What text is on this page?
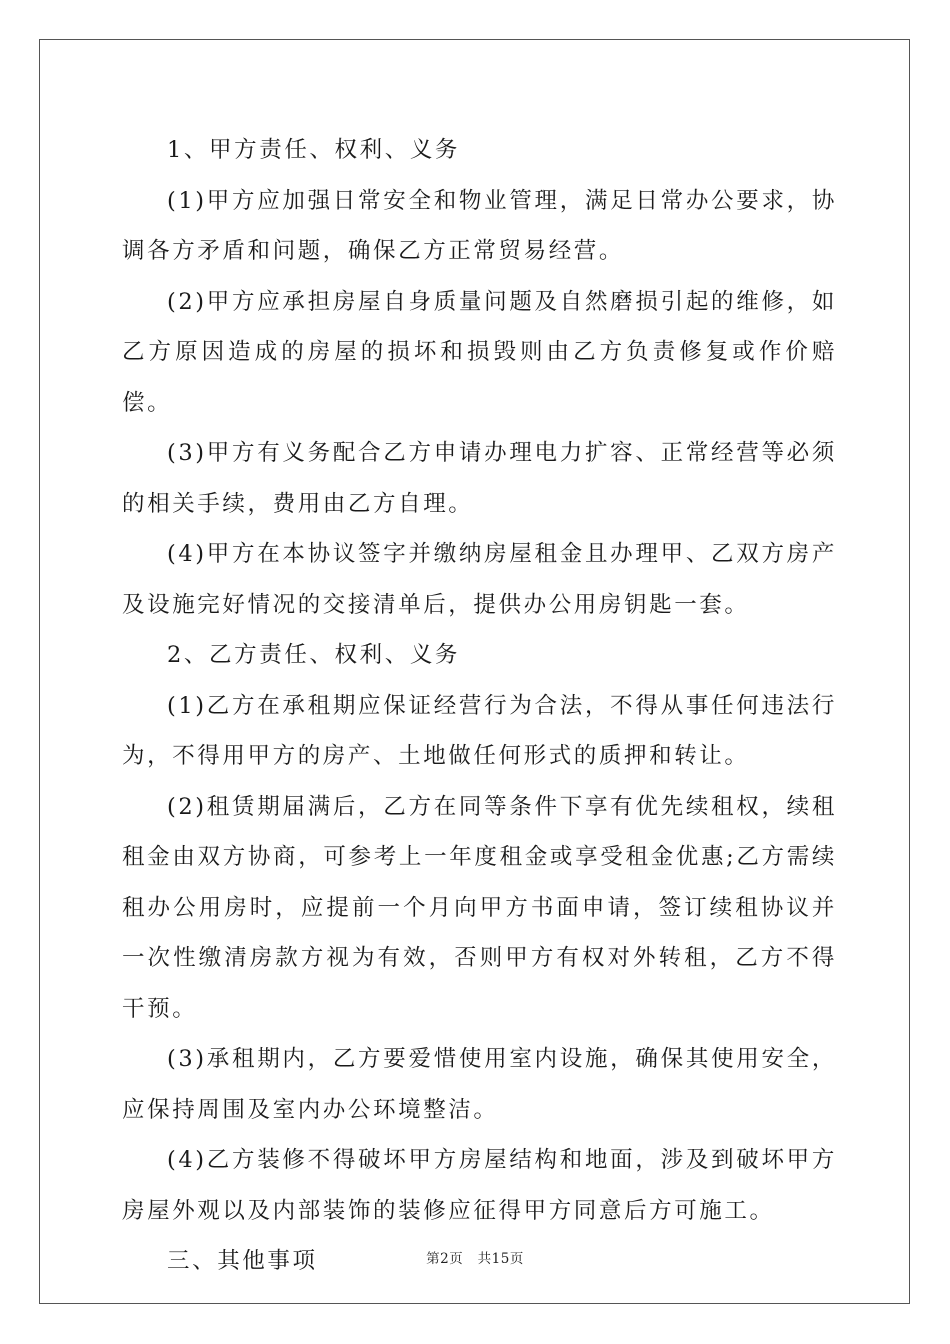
1、甲方责任、权利、义务

(1)甲方应加强日常安全和物业管理，满足日常办公要求，协调各方矛盾和问题，确保乙方正常贸易经营。

(2)甲方应承担房屋自身质量问题及自然磨损引起的维修，如乙方原因造成的房屋的损坏和损毁则由乙方负责修复或作价赔偿。

(3)甲方有义务配合乙方申请办理电力扩容、正常经营等必须的相关手续，费用由乙方自理。

(4)甲方在本协议签字并缴纳房屋租金且办理甲、乙双方房产及设施完好情况的交接清单后，提供办公用房钥匙一套。

2、乙方责任、权利、义务

(1)乙方在承租期应保证经营行为合法，不得从事任何违法行为，不得用甲方的房产、土地做任何形式的质押和转让。

(2)租赁期届满后，乙方在同等条件下享有优先续租权，续租租金由双方协商，可参考上一年度租金或享受租金优惠;乙方需续租办公用房时，应提前一个月向甲方书面申请，签订续租协议并一次性缴清房款方视为有效，否则甲方有权对外转租，乙方不得干预。

(3)承租期内，乙方要爱惜使用室内设施，确保其使用安全，应保持周围及室内办公环境整洁。

(4)乙方装修不得破坏甲方房屋结构和地面，涉及到破坏甲方房屋外观以及内部装饰的装修应征得甲方同意后方可施工。

三、其他事项	第2页 共15页
